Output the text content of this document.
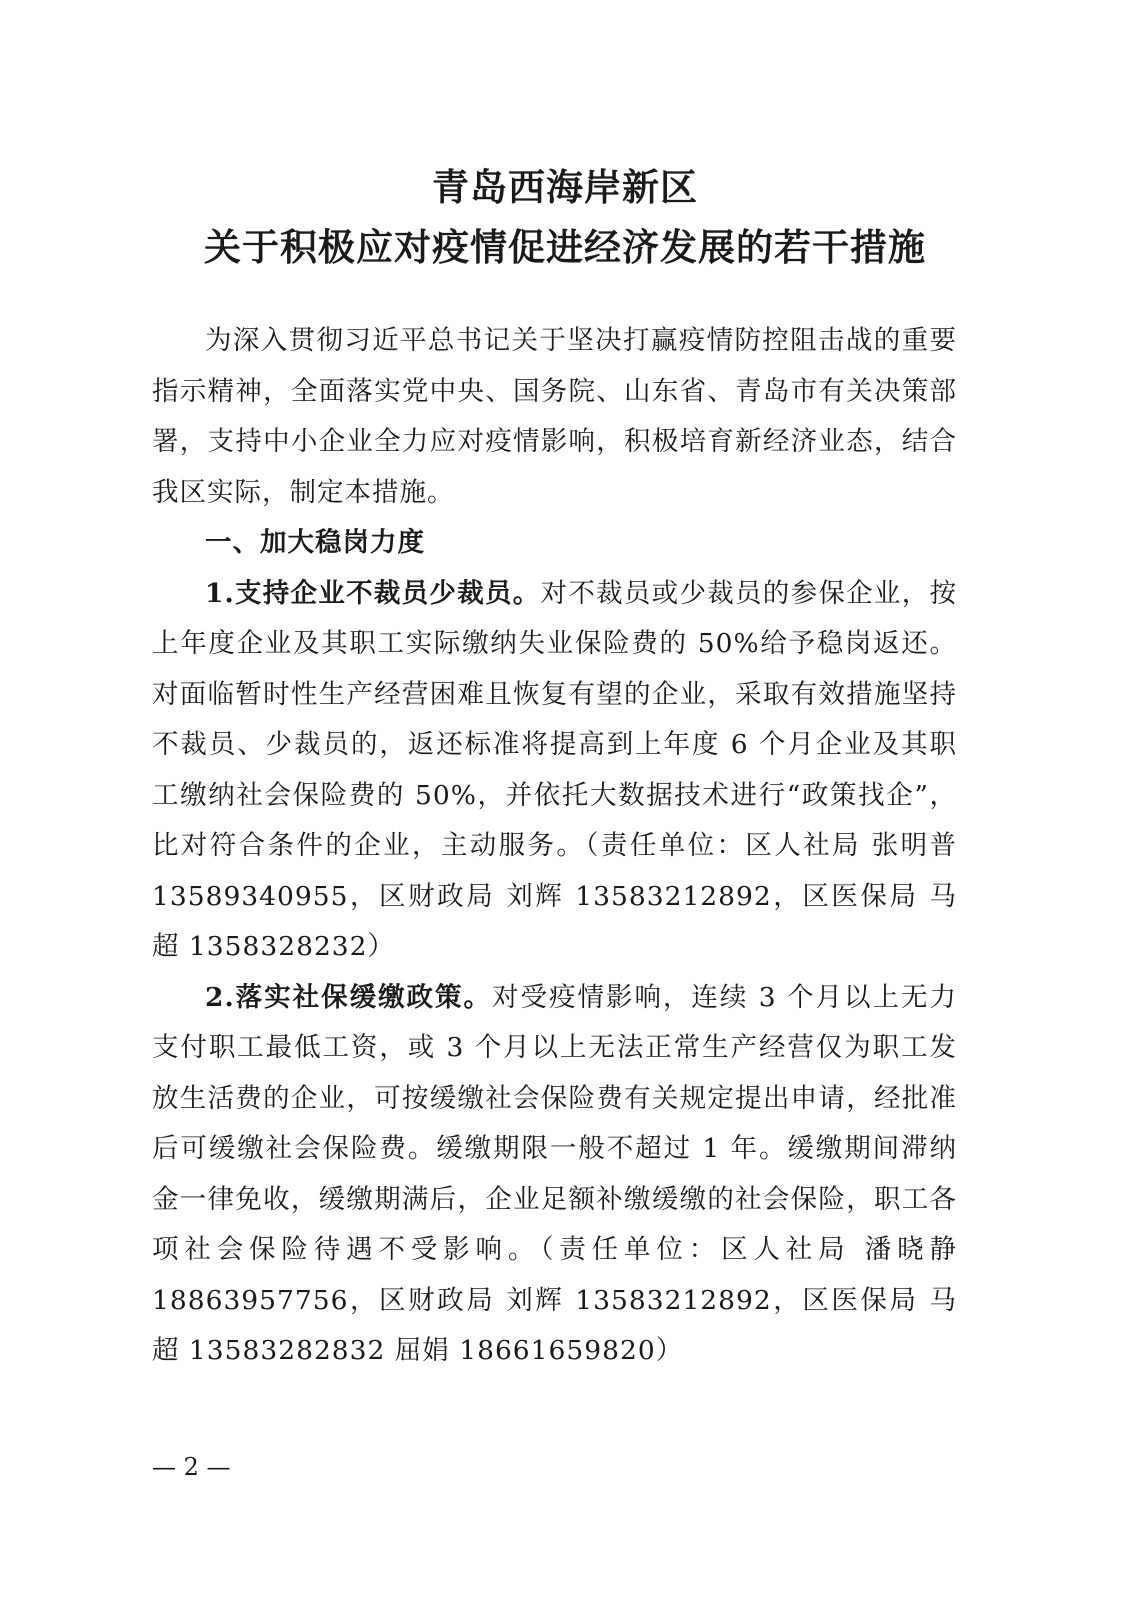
青岛西海岸新区
关于积极应对疫情促进经济发展的若干措施

为深入贯彻习近平总书记关于坚决打赢疫情防控阻击战的重要指示精神，全面落实党中央、国务院、山东省、青岛市有关决策部署，支持中小企业全力应对疫情影响，积极培育新经济业态，结合我区实际，制定本措施。

一、加大稳岗力度

1.支持企业不裁员少裁员。对不裁员或少裁员的参保企业，按上年度企业及其职工实际缴纳失业保险费的 50%给予稳岗返还。对面临暂时性生产经营困难且恢复有望的企业，采取有效措施坚持不裁员、少裁员的，返还标准将提高到上年度 6 个月企业及其职工缴纳社会保险费的 50%，并依托大数据技术进行“政策找企”，比对符合条件的企业，主动服务。（责任单位：区人社局 张明普 13589340955，区财政局 刘辉 13583212892，区医保局 马超 1358328232）

2.落实社保缓缴政策。对受疫情影响，连续 3 个月以上无力支付职工最低工资，或 3 个月以上无法正常生产经营仅为职工发放生活费的企业，可按缓缴社会保险费有关规定提出申请，经批准后可缓缴社会保险费。缓缴期限一般不超过 1 年。缓缴期间滞纳金一律免收，缓缴期满后，企业足额补缴缓缴的社会保险，职工各项社会保险待遇不受影响。（责任单位：区人社局 潘晓静 18863957756，区财政局 刘辉 13583212892，区医保局 马超 13583282832 屈娟 18661659820）

— 2 —
